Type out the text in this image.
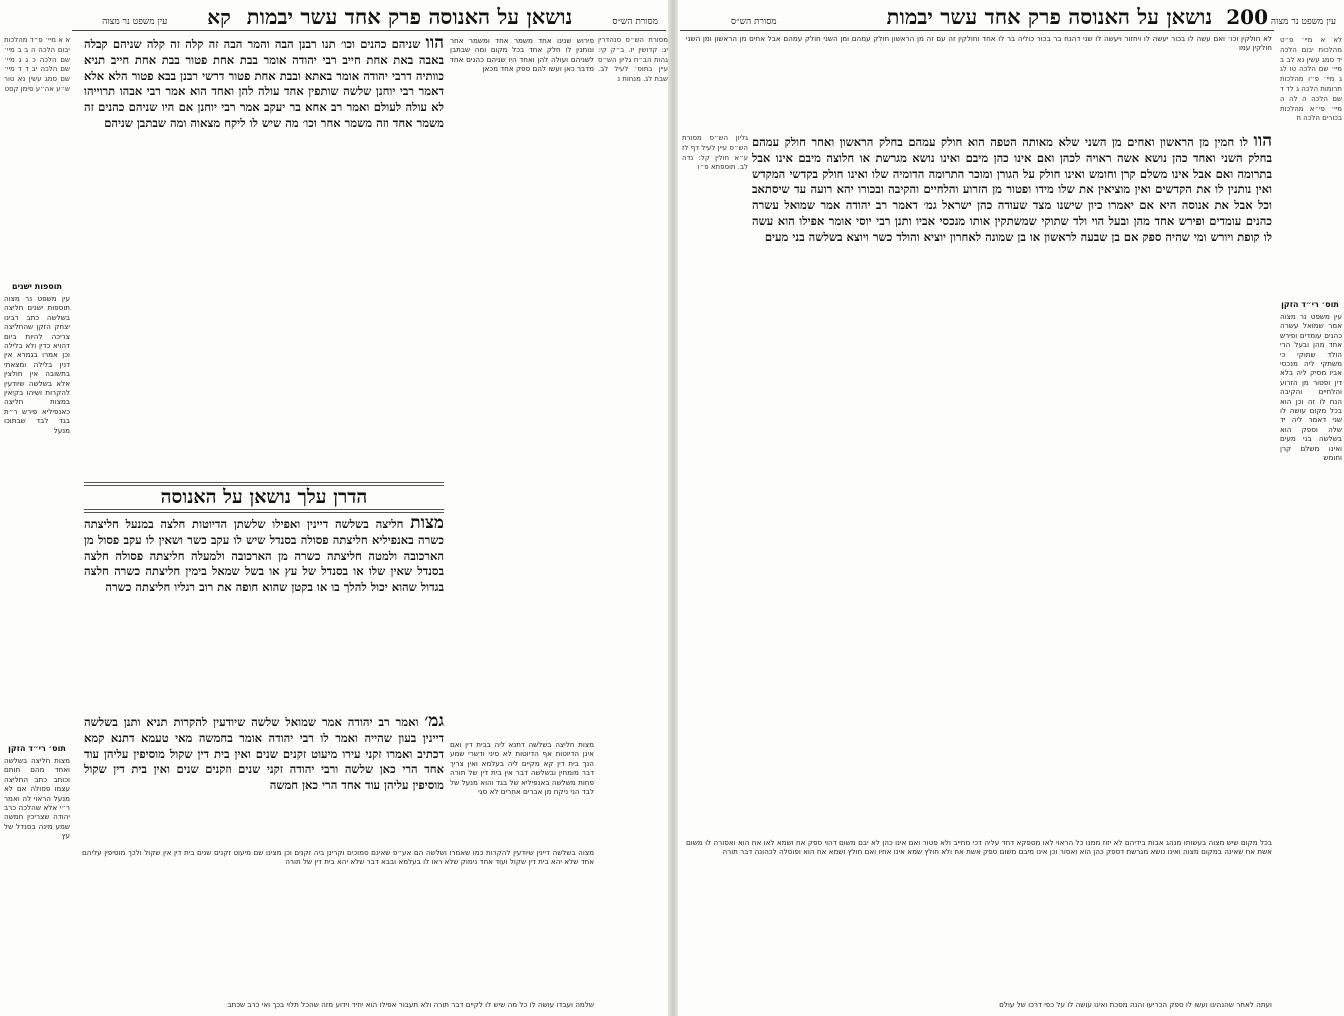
עין משפט נר מצוה
200
נושאן על האנוסה פרק אחד עשר יבמות
מסורת הש״ס

לא א מיי׳ פ״ט מהלכות יבום הלכה יד סמג עשין נא לב ב מיי׳ שם הלכה טו לג ג מיי׳ פ״ו מהלכות תרומות הלכה ג לד ד שם הלכה ה לה ה מיי׳ פי״א מהלכות בכורים הלכה ח

תוס׳ רי״ד הזקן

עין משפט נר מצוה אמר שמואל עשרה כהנים עומדים ופירש אחד מהן ובעל הרי הולד שתוקי כי משתקי ליה מנכסי אביו מסיק ליה בלא דין ופטור מן הזרוע והלחיים והקיבה הנח לו זה וכן הוא בכל מקום עושה לו שני דאמר ליה יד שלה וספק הוא בשלשה בני מעים ואינו משלם קרן וחומש

לא חולקין וכו׳ ואם עשה לו בכור יעשה לו ויחזור ויעשה לו שני דהנח בר בכור כוליה בר לו אחד וחולקין זה עם זה מן הראשון חולק עמהם ומן השני חולק עמהם אבל אחים מן הראשון ומן השני חולקין עמו

הוו לו חמין מן הראשון ואחים מן השני שלא מאותה הטפה הוא חולק עמהם בחלק הראשון ואחר חולק עמהם בחלק השני ואחד כהן נושא אשה ראויה לכהן ואם אינו כהן מיבם ואינו נושא מגרשת או חלוצה מיבם אינו אבל בתרומה ואם אבל אינו משלם קרן וחומש ואינו חולק על הגורן ומוכר התרומה הדומיה שלו ואינו חולק בקדשי המקדש ואין נותנין לו את הקדשים ואין מוציאין את שלו מידו ופטור מן הזרוע והלחיים והקיבה ובכורו יהא רועה עד שיסתאב וכל אבל את אנוסה היא אם יאמרו כיון שישנו מצד שעודה כהן ישראל גמ׳ דאמר רב יהודה אמר שמואל עשרה כהנים עומדים ופירש אחד מהן ובעל הוי ולד שתוקי שמשתקין אותו מנכסי אביו ותנן רבי יוסי אומר אפילו הוא עשה לו קופת ויורש ומי שהיה ספק אם בן שבעה לראשון או בן שמונה לאחרון יוציא והולד כשר ויוצא בשלשה בני מעים

גליון הש״ס מסורת הש״ס עיין לעיל דף לז ע״א חולין קל: נדה לב. תוספתא פ״ו

בכל מקום שיש מצוה בעשותו מנהג אבות בידיהם לא יזוז ממנו כל הראוי לאו מספקא דחד עליה דכי מחייב ולא פטור ואם אינו כהן לא יבם משום דהוי ספק אח ושמא לאו אח הוא ואסורה לו משום אשת אח שאינה במקום מצוה ואינו נושא מגרשת דספק כהן הוא ואסור וכן אינו מיבם משום ספק אשת אח ולא חולץ שמא אינו אחיו ואם חולץ ושמא אח הוא ופוסלה לכהונה דבר תורה

ועתה לאחר שהנהיגו ועשו לו ספק הכריעו והנה מסכת ואינו עושה לו על כפי דרכו של עולם

מסורת הש״ס
נושאן על האנוסה פרק אחד עשר יבמות
קא
עין משפט נר מצוה

מסורת הש״ס סנהדרין יג: קדושין יז. ב״ק קי: גהות הב״ח גליון הש״ס עיין בתוס׳ לעיל לב. שבת לג. מנחות נ

פירוש שנינו אחד משמר אחד ומשמר אחר ונותנין לו חלק אחד בכל מקום ומה שבתבן לשניהם ועולה להן ואחד היו שניהם כהנים אחד מדבר כאן ועשו להם ספק אחד מכאן

הוו שניהם כהנים וכו׳ תנו רבנן הבה והמר הבה זה קלה זה קלה שניהם קבלה באבה באת אחת חייב רבי יהודה אומר בבת אחת פטור בבת אחת חייב תניא כוותיה דרבי יהודה אומר באתא ובבת אחת פטור דרשי רבנן בבא פטור הלא אלא דאמר רבי יוחנן שלשה שותפין אחד עולה להן ואחד הוא אמר רבי אבהו תרוייהו לא עולה לעולם ואמר רב אחא בר יעקב אמר רבי יוחנן אם היו שניהם כהנים זה משמר אחד וזה משמר אחר וכו׳ מה שיש לו ליקח מצאוה ומה שבתבן שניהם

הדרן עלך נושאן על האנוסה

מצות חליצה בשלשה דיינין ואפילו שלשתן הדיוטות חלצה במנעל חליצתה כשרה באנפיליא חליצתה פסולה בסנדל שיש לו עקב כשר ושאין לו עקב פסול מן הארכובה ולמטה חליצתה כשרה מן הארכובה ולמעלה חליצתה פסולה חלצה בסנדל שאין שלו או בסנדל של עץ או בשל שמאל בימין חליצתה כשרה חלצה בגדול שהוא יכול להלך בו או בקטן שהוא חופה את רוב רגליו חליצתה כשרה

גמ׳ ואמר רב יהודה אמר שמואל שלשה שיודעין להקרות תניא ותנן בשלשה דיינין בעון שהייה ואמר לו רבי יהודה אומר בחמשה מאי טעמא דתנא קמא דכתיב ואמרו זקני עירו מיעוט זקנים שנים ואין בית דין שקול מוסיפין עליהן עוד אחד הרי כאן שלשה ורבי יהודה זקני שנים וזקנים שנים ואין בית דין שקול מוסיפין עליהן עוד אחד הרי כאן חמשה

מצות חליצה בשלשה דתנא ליה בבית דין ואם אינן הדיוטות אף הדיוטות לא סיני ודשרי שמע הנך בית דין קא מקיים ליה בעלמא ואין צריך דבר מומחין ובשלשה דבר אין בית דין של תורה פחות משלשה באנפיליא של בגד והוא מנעל של לבד הני ניקח מן אברים אחרים לא סגי

א א מיי׳ פ״ד מהלכות יבום הלכה ה ב ב מיי׳ שם הלכה כ ג ג מיי׳ שם הלכה יב ד ד מיי׳ שם סמג עשין נא טור ש״ע אה״ע סימן קסט

תוספות ישנים

עין משפט נר מצוה תוספות ישנים חליצה בשלשה כתב רבינו יצחק הזקן שהחליצה צריכה להיות ביום דהויא כדין ולא בלילה וכן אמרו בגמרא אין דנין בלילה ומצאתי בתשובה אין חולצין אלא בשלשה שיודעין להקרות ושיהו בקיאין במצות חליצה כאנפיליא פירש ר״ת בגד לבד שבתוכו מנעל

תוס׳ רי״ד הזקן

מצות חליצה בשלשה ואחד מהם חותם וכותב כתב החליצה עצמו פסולה אם לא מנעל הראוי לה ואמר ר״י אלא שהלכה כרב יהודה שצריכין חמשה שמע מינה בסנדל של עץ

מצוה בשלשה דיינין שיודעין להקרות כמו שאמרו ושלשה הם אע״פ שאינם סמוכים וקרינן ביה זקנים וכן מצינו שם מיעוט זקנים שנים בית דין אין שקול ולכך מוסיפין עליהם אחד שלא יהא בית דין שקול ועוד אחד נימוק שלא ראו לו בעלמא ובבא דבר שלא יהא בית דין של תורה

שלמה ועבדו עושה לו כל מה שיש לו לקיים דבר תורה ולא תעבור אפילו הוא יחיד וידוע מזה שהכל תלוי בכך ואי כרב שכתב
